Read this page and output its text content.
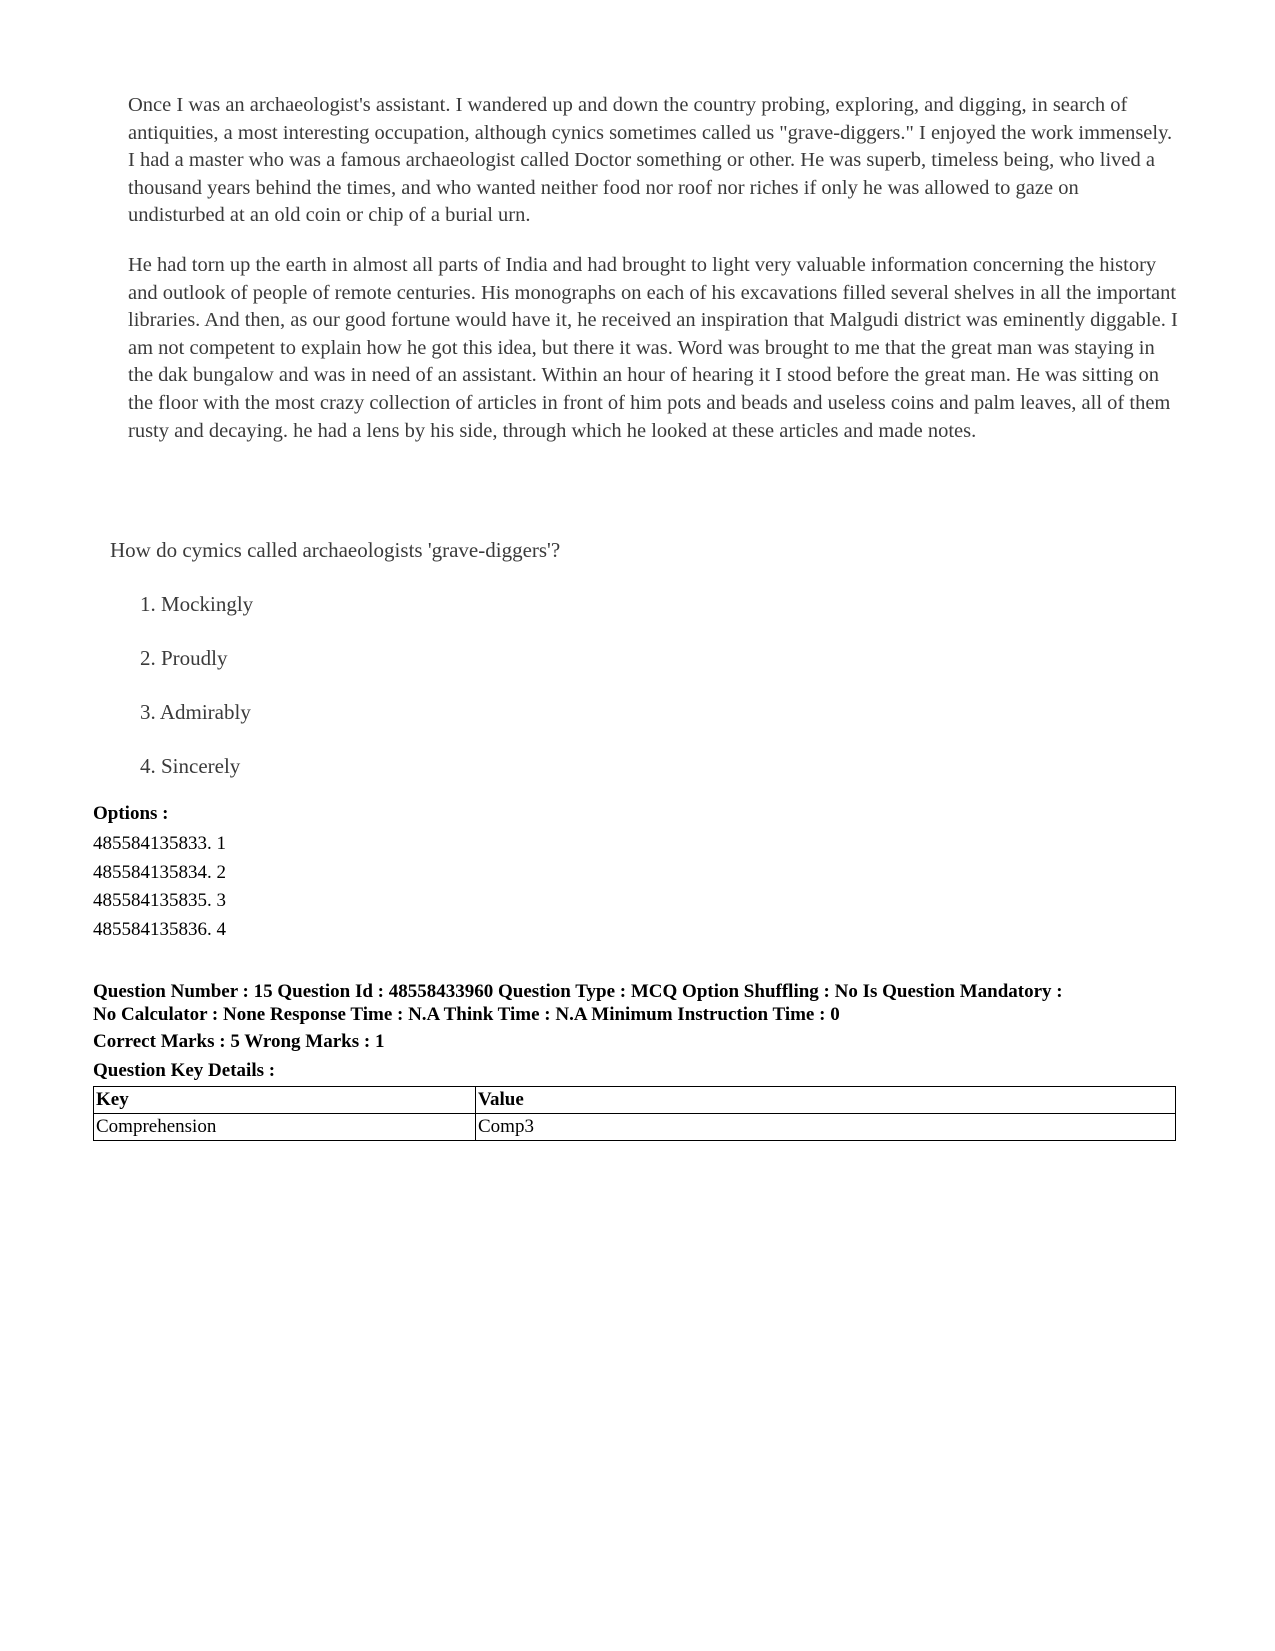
Once I was an archaeologist's assistant. I wandered up and down the country probing, exploring, and digging, in search of antiquities, a most interesting occupation, although cynics sometimes called us "grave-diggers." I enjoyed the work immensely. I had a master who was a famous archaeologist called Doctor something or other. He was superb, timeless being, who lived a thousand years behind the times, and who wanted neither food nor roof nor riches if only he was allowed to gaze on undisturbed at an old coin or chip of a burial urn.

He had torn up the earth in almost all parts of India and had brought to light very valuable information concerning the history and outlook of people of remote centuries. His monographs on each of his excavations filled several shelves in all the important libraries. And then, as our good fortune would have it, he received an inspiration that Malgudi district was eminently diggable. I am not competent to explain how he got this idea, but there it was. Word was brought to me that the great man was staying in the dak bungalow and was in need of an assistant. Within an hour of hearing it I stood before the great man. He was sitting on the floor with the most crazy collection of articles in front of him pots and beads and useless coins and palm leaves, all of them rusty and decaying. he had a lens by his side, through which he looked at these articles and made notes.

How do cymics called archaeologists 'grave-diggers'?
1. Mockingly
2. Proudly
3. Admirably
4. Sincerely
Options :
485584135833. 1
485584135834. 2
485584135835. 3
485584135836. 4
Question Number : 15 Question Id : 48558433960 Question Type : MCQ Option Shuffling : No Is Question Mandatory :
No Calculator : None Response Time : N.A Think Time : N.A Minimum Instruction Time : 0
Correct Marks : 5 Wrong Marks : 1
Question Key Details :
Key	Value
Comprehension	Comp3
